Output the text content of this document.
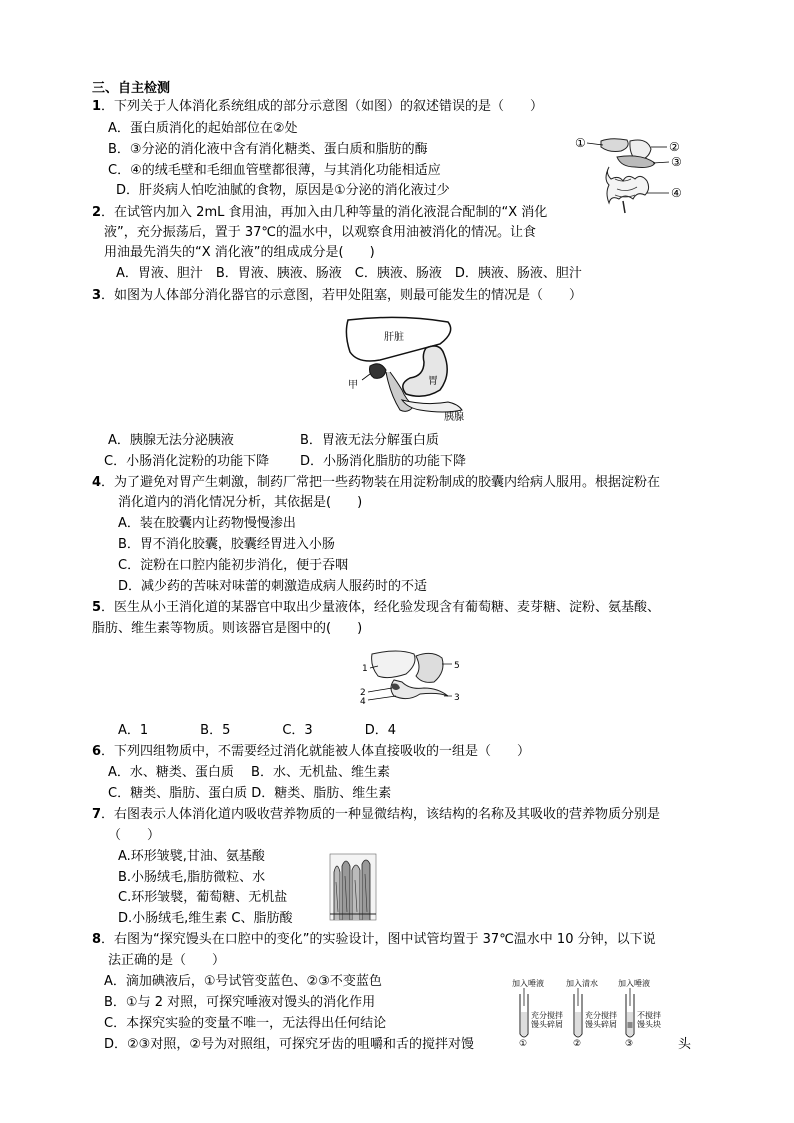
三、自主检测
1．下列关于人体消化系统组成的部分示意图（如图）的叙述错误的是（　　）
A．蛋白质消化的起始部位在②处
B．③分泌的消化液中含有消化糖类、蛋白质和脂肪的酶
C．④的绒毛壁和毛细血管壁都很薄，与其消化功能相适应
D．肝炎病人怕吃油腻的食物，原因是①分泌的消化液过少
①	②
③
④
2．在试管内加入 2mL 食用油，再加入由几种等量的消化液混合配制的“X 消化
液”，充分振荡后，置于 37℃的温水中，以观察食用油被消化的情况。让食
用油最先消失的“X 消化液”的组成成分是(　　)
A．胃液、胆汁　B．胃液、胰液、肠液　C．胰液、肠液　D．胰液、肠液、胆汁
3．如图为人体部分消化器官的示意图，若甲处阻塞，则最可能发生的情况是（　　）
肝脏
胃
甲
胰腺
A．胰腺无法分泌胰液	B．胃液无法分解蛋白质
C．小肠消化淀粉的功能下降 D．小肠消化脂肪的功能下降
4．为了避免对胃产生刺激，制药厂常把一些药物装在用淀粉制成的胶囊内给病人服用。根据淀粉在
消化道内的消化情况分析，其依据是(　　)
A．装在胶囊内让药物慢慢渗出
B．胃不消化胶囊，胶囊经胃进入小肠
C．淀粉在口腔内能初步消化，便于吞咽
D．减少药的苦味对味蕾的刺激造成病人服药时的不适
5．医生从小王消化道的某器官中取出少量液体，经化验发现含有葡萄糖、麦芽糖、淀粉、氨基酸、
脂肪、维生素等物质。则该器官是图中的(　　)
1	5
2
4	3
A．1　　　　B．5　　　　C．3　　　　D．4
6．下列四组物质中，不需要经过消化就能被人体直接吸收的一组是（　　）
A．水、糖类、蛋白质　 B．水、无机盐、维生素
C．糖类、脂肪、蛋白质 D．糖类、脂肪、维生素
7．右图表示人体消化道内吸收营养物质的一种显微结构，该结构的名称及其吸收的营养物质分别是
（　　）
A.环形皱襞,甘油、氨基酸
B.小肠绒毛,脂肪微粒、水
C.环形皱襞，葡萄糖、无机盐
D.小肠绒毛,维生素 C、脂肪酸
8．右图为“探究馒头在口腔中的变化”的实验设计，图中试管均置于 37℃温水中 10 分钟，以下说
法正确的是（　　）
A．滴加碘液后，①号试管变蓝色、②③不变蓝色
B．①与 2 对照，可探究唾液对馒头的消化作用
C．本探究实验的变量不唯一，无法得出任何结论
D．②③对照，②号为对照组，可探究牙齿的咀嚼和舌的搅拌对馒	头
加入唾液	加入清水	加入唾液
充分搅拌
馒头碎屑
①
充分搅拌
馒头碎屑
②
不搅拌
馒头块
③
